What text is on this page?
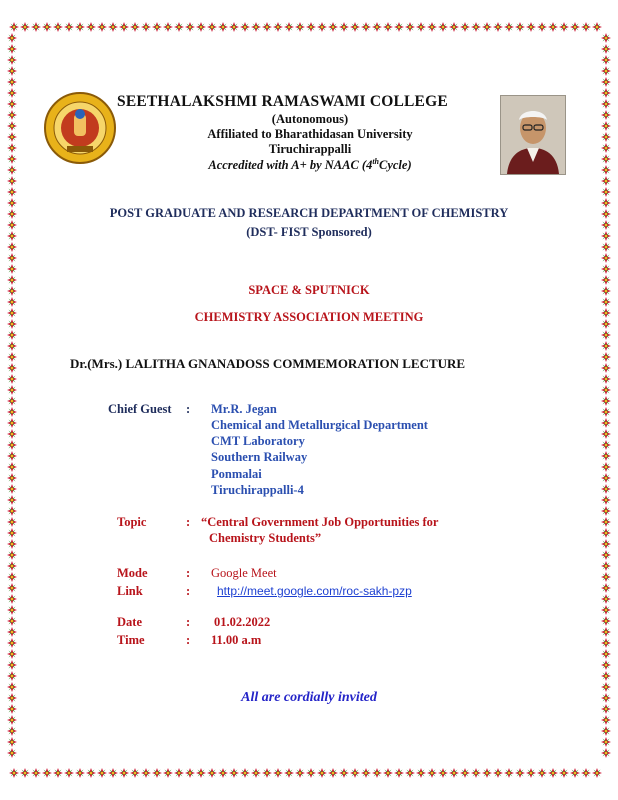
SEETHALAKSHMI RAMASWAMI COLLEGE
(Autonomous)
Affiliated to Bharathidasan University
Tiruchirappalli
Accredited with A+ by NAAC (4thCycle)
POST GRADUATE AND RESEARCH DEPARTMENT OF CHEMISTRY
(DST- FIST Sponsored)
SPACE & SPUTNICK
CHEMISTRY ASSOCIATION MEETING
Dr.(Mrs.) LALITHA GNANADOSS COMMEMORATION LECTURE
Chief Guest : Mr.R. Jegan
Chemical and Metallurgical Department
CMT Laboratory
Southern Railway
Ponmalai
Tiruchirappalli-4
Topic	: “Central Government Job Opportunities for
Chemistry Students”
Mode	: Google Meet
Link	: http://meet.google.com/roc-sakh-pzp
Date	: 01.02.2022
Time	: 11.00 a.m
All are cordially invited
